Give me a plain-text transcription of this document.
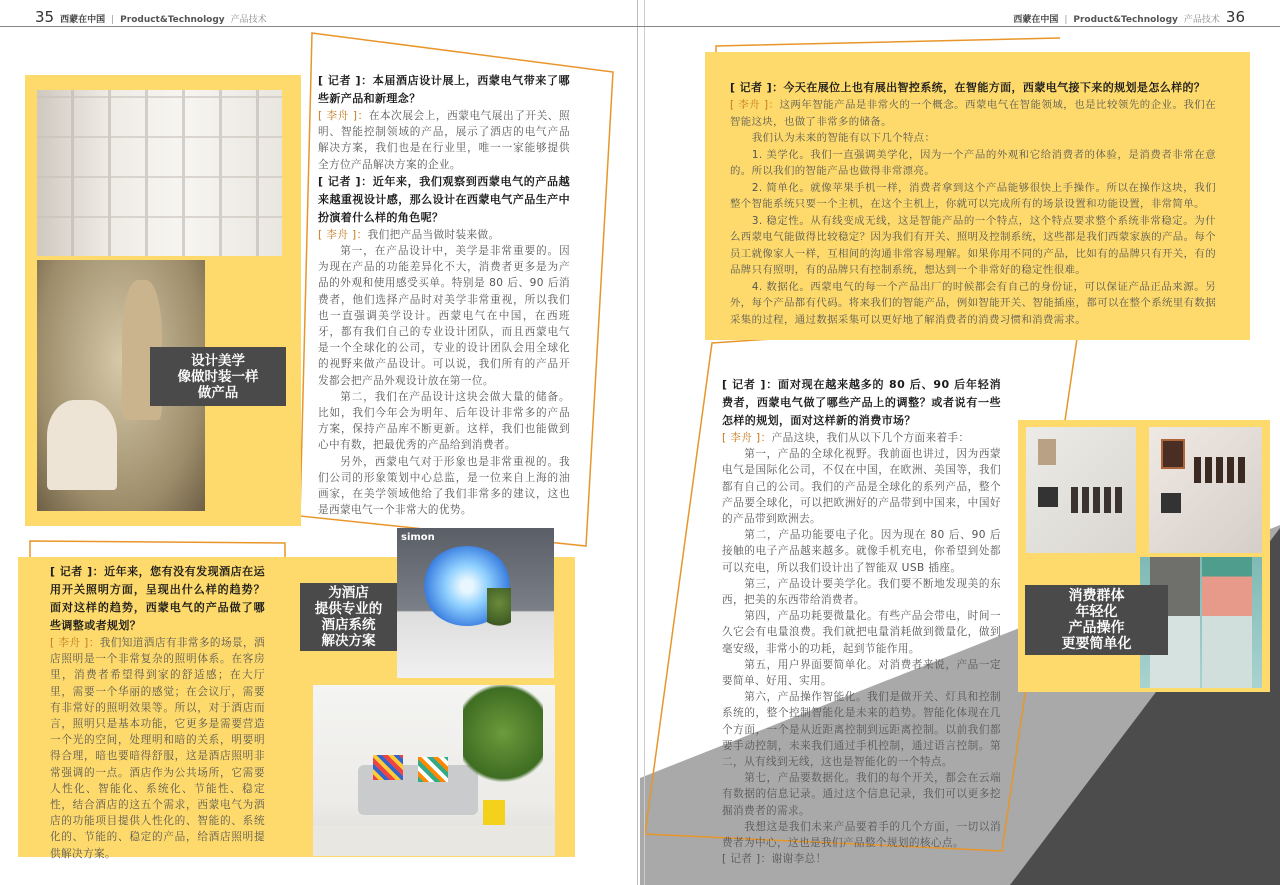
35 西蒙在中国 | Product&Technology 产品技术	西蒙在中国 | Product&Technology 产品技术 36
设计美学
像做时装一样
做产品

[ 记者 ]：本届酒店设计展上，西蒙电气带来了哪些新产品和新理念？

[ 李舟 ]：在本次展会上，西蒙电气展出了开关、照明、智能控制领域的产品，展示了酒店的电气产品解决方案，我们也是在行业里，唯一一家能够提供全方位产品解决方案的企业。

[ 记者 ]：近年来，我们观察到西蒙电气的产品越来越重视设计感，那么设计在西蒙电气产品生产中扮演着什么样的角色呢？

[ 李舟 ]：我们把产品当做时装来做。

第一，在产品设计中，美学是非常重要的。因为现在产品的功能差异化不大，消费者更多是为产品的外观和使用感受买单。特别是 80 后、90 后消费者，他们选择产品时对美学非常重视，所以我们也一直强调美学设计。西蒙电气在中国，在西班牙，都有我们自己的专业设计团队，而且西蒙电气是一个全球化的公司，专业的设计团队会用全球化的视野来做产品设计。可以说，我们所有的产品开发都会把产品外观设计放在第一位。

第二，我们在产品设计这块会做大量的储备。比如，我们今年会为明年、后年设计非常多的产品方案，保持产品库不断更新。这样，我们也能做到心中有数，把最优秀的产品给到消费者。

另外，西蒙电气对于形象也是非常重视的。我们公司的形象策划中心总监，是一位来自上海的油画家，在美学领域他给了我们非常多的建议，这也是西蒙电气一个非常大的优势。

[ 记者 ]：近年来，您有没有发现酒店在运用开关照明方面，呈现出什么样的趋势？面对这样的趋势，西蒙电气的产品做了哪些调整或者规划？

[ 李舟 ]：我们知道酒店有非常多的场景，酒店照明是一个非常复杂的照明体系。在客房里，消费者希望得到家的舒适感；在大厅里，需要一个华丽的感觉；在会议厅，需要有非常好的照明效果等。所以，对于酒店而言，照明只是基本功能，它更多是需要营造一个光的空间，处理明和暗的关系，明要明得合理，暗也要暗得舒服，这是酒店照明非常强调的一点。酒店作为公共场所，它需要人性化、智能化、系统化、节能性、稳定性，结合酒店的这五个需求，西蒙电气为酒店的功能项目提供人性化的、智能的、系统化的、节能的、稳定的产品，给酒店照明提供解决方案。

simon
为酒店
提供专业的
酒店系统
解决方案

[ 记者 ]：今天在展位上也有展出智控系统，在智能方面，西蒙电气接下来的规划是怎么样的？

[ 李舟 ]：这两年智能产品是非常火的一个概念。西蒙电气在智能领域，也是比较领先的企业。我们在智能这块，也做了非常多的储备。

我们认为未来的智能有以下几个特点：

1. 美学化。我们一直强调美学化，因为一个产品的外观和它给消费者的体验，是消费者非常在意的。所以我们的智能产品也做得非常漂亮。

2. 简单化。就像苹果手机一样，消费者拿到这个产品能够很快上手操作。所以在操作这块，我们整个智能系统只要一个主机，在这个主机上，你就可以完成所有的场景设置和功能设置，非常简单。

3. 稳定性。从有线变成无线，这是智能产品的一个特点，这个特点要求整个系统非常稳定。为什么西蒙电气能做得比较稳定？因为我们有开关、照明及控制系统，这些都是我们西蒙家族的产品。每个员工就像家人一样，互相间的沟通非常容易理解。如果你用不同的产品，比如有的品牌只有开关，有的品牌只有照明，有的品牌只有控制系统，想达到一个非常好的稳定性很难。

4. 数据化。西蒙电气的每一个产品出厂的时候都会有自己的身份证，可以保证产品正品来源。另外，每个产品都有代码。将来我们的智能产品，例如智能开关、智能插座，都可以在整个系统里有数据采集的过程，通过数据采集可以更好地了解消费者的消费习惯和消费需求。

[ 记者 ]：面对现在越来越多的 80 后、90 后年轻消费者，西蒙电气做了哪些产品上的调整？或者说有一些怎样的规划，面对这样新的消费市场？

[ 李舟 ]：产品这块，我们从以下几个方面来着手：

第一，产品的全球化视野。我前面也讲过，因为西蒙电气是国际化公司，不仅在中国，在欧洲、美国等，我们都有自己的公司。我们的产品是全球化的系列产品，整个产品要全球化，可以把欧洲好的产品带到中国来，中国好的产品带到欧洲去。

第二，产品功能要电子化。因为现在 80 后、90 后接触的电子产品越来越多。就像手机充电，你希望到处都可以充电，所以我们设计出了智能双 USB 插座。

第三，产品设计要美学化。我们要不断地发现美的东西，把美的东西带给消费者。

第四，产品功耗要微量化。有些产品会带电，时间一久它会有电量浪费。我们就把电量消耗做到微量化，做到毫安级，非常小的功耗，起到节能作用。

第五，用户界面要简单化。对消费者来说，产品一定要简单、好用、实用。

第六，产品操作智能化。我们是做开关、灯具和控制系统的，整个控制智能化是未来的趋势。智能化体现在几个方面，一个是从近距离控制到远距离控制。以前我们都要手动控制，未来我们通过手机控制，通过语言控制。第二，从有线到无线，这也是智能化的一个特点。

第七，产品要数据化。我们的每个开关，都会在云端有数据的信息记录。通过这个信息记录，我们可以更多挖掘消费者的需求。

我想这是我们未来产品要着手的几个方面，一切以消费者为中心，这也是我们产品整个规划的核心点。

[ 记者 ]：谢谢李总！

消费群体
年轻化
产品操作
更要简单化
